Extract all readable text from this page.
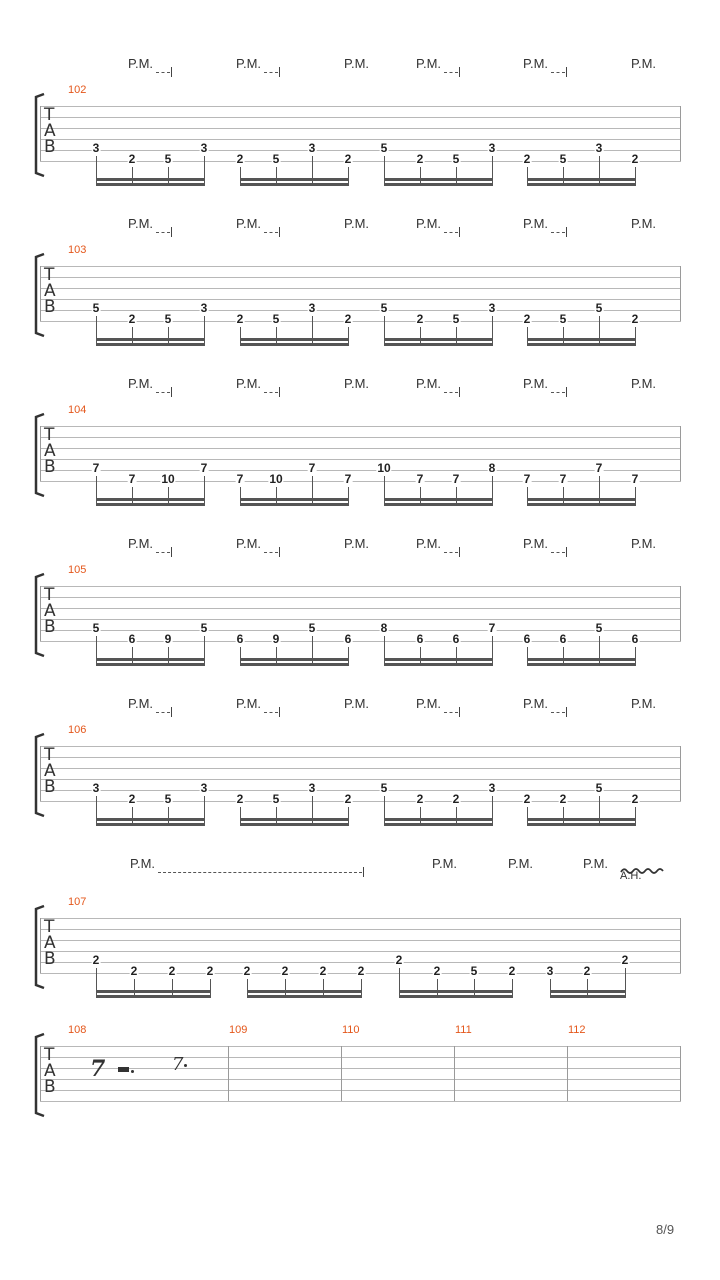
102
T
A
B
P.M.	P.M.	P.M.	P.M.	P.M.	P.M.
3
2 5
3
2 5
3
2
5
2 5
3
2 5
3
2
103
T
A
B
P.M.	P.M.	P.M.	P.M.	P.M.	P.M.
5
2 5
3
2 5
3
2
5
2 5
3
2 5
5
2
104
T
A
B
P.M.	P.M.	P.M.	P.M.	P.M.	P.M.
7
7 10
7
7 10
7
7
10
7 7
8
7 7
7
7
105
T
A
B
P.M.	P.M.	P.M.	P.M.	P.M.	P.M.
5
6 9
5
6 9
5
6
8
6 6
7
6 6
5
6
106
T
A
B
P.M.	P.M.	P.M.	P.M.	P.M.	P.M.
3
2 5
3
2 5
3
2
5
2 2
3
2 2
5
2
107
T
A
B	2
2	2	2	2	2	2	2
2
2	5	2	3	2
2
P.M.	P.M.	P.M.	P.M.
A.H.
T
A
B
108	109	110	111	112
7	7
8/9
